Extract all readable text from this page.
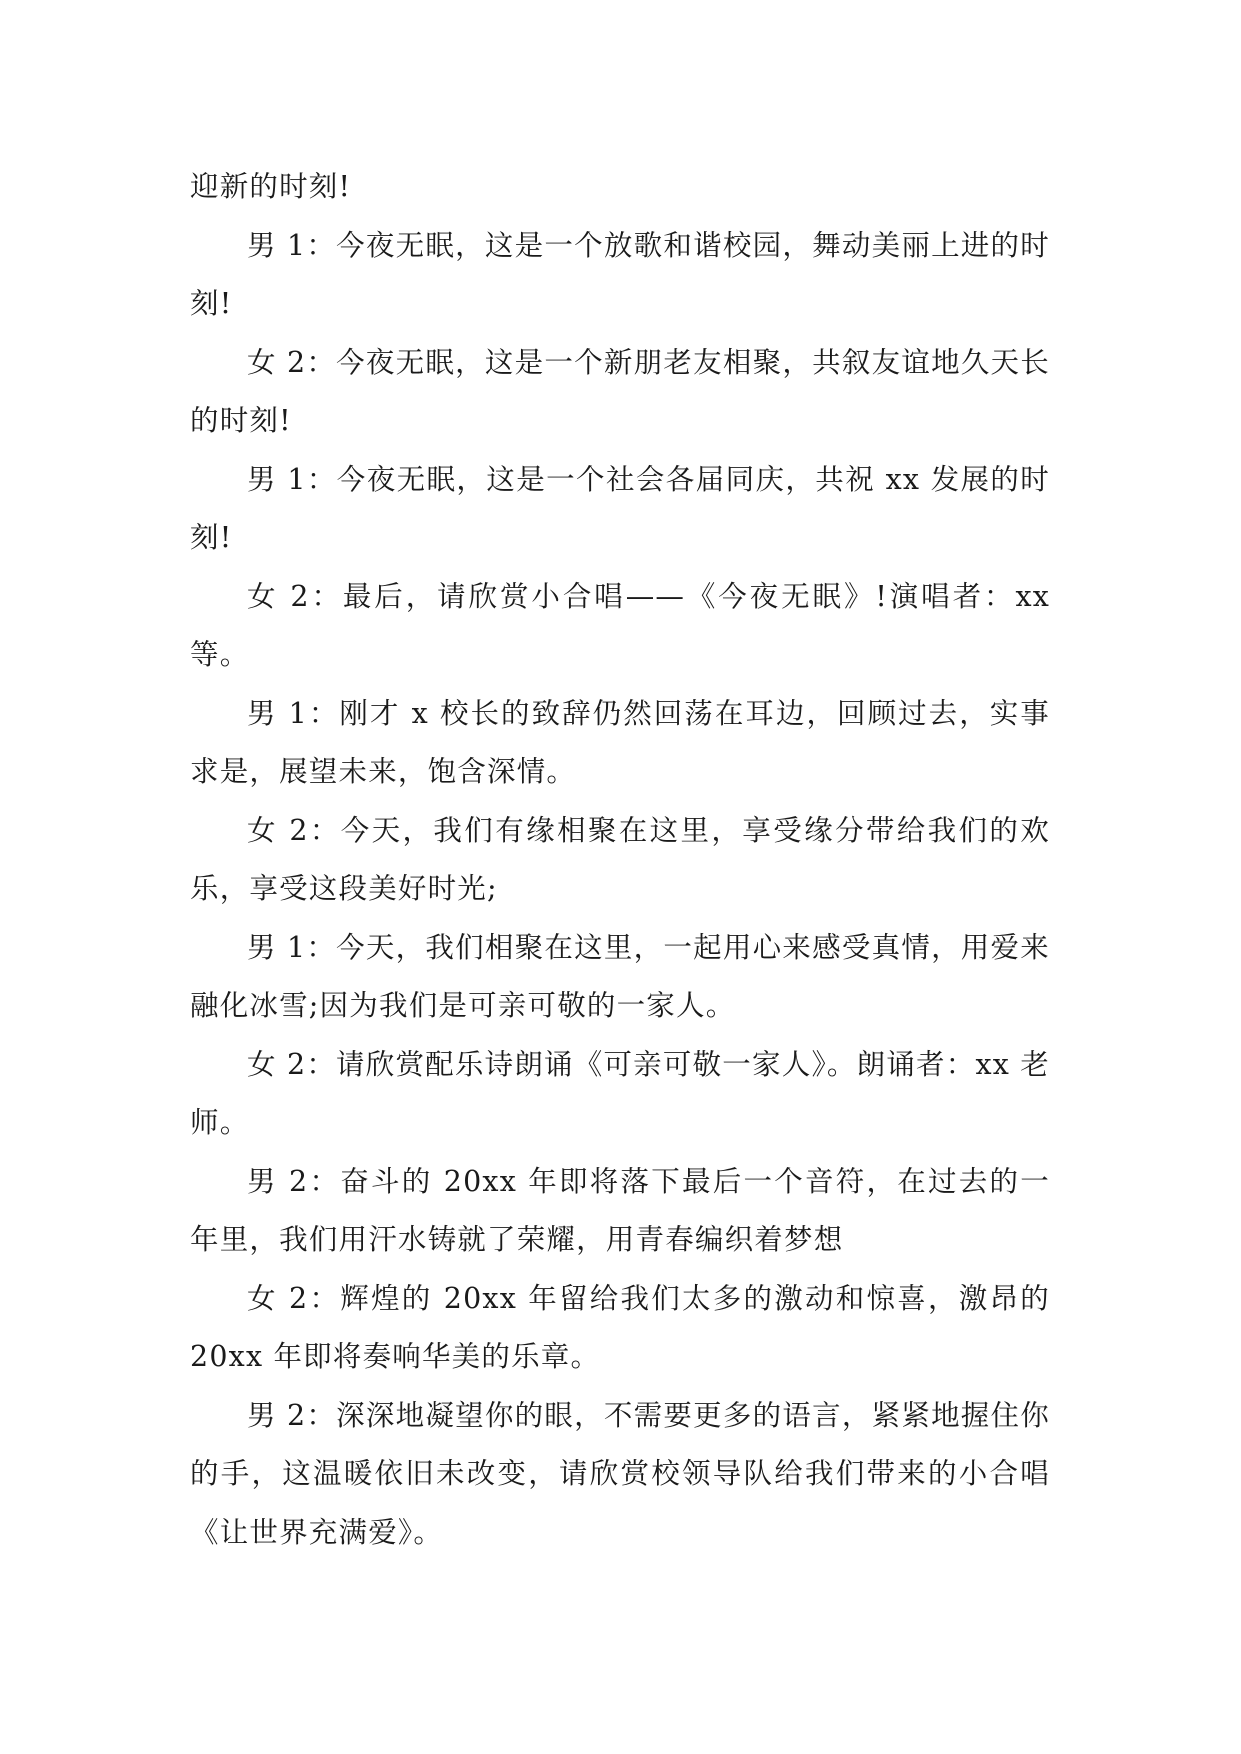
迎新的时刻!

男 1：今夜无眠，这是一个放歌和谐校园，舞动美丽上进的时刻!

女 2：今夜无眠，这是一个新朋老友相聚，共叙友谊地久天长的时刻!

男 1：今夜无眠，这是一个社会各届同庆，共祝 xx 发展的时刻!

女 2：最后，请欣赏小合唱——《今夜无眠》!演唱者：xx 等。

男 1：刚才 x 校长的致辞仍然回荡在耳边，回顾过去，实事求是，展望未来，饱含深情。

女 2：今天，我们有缘相聚在这里，享受缘分带给我们的欢乐，享受这段美好时光;

男 1：今天，我们相聚在这里，一起用心来感受真情，用爱来融化冰雪;因为我们是可亲可敬的一家人。

女 2：请欣赏配乐诗朗诵《可亲可敬一家人》。朗诵者：xx 老师。

男 2：奋斗的 20xx 年即将落下最后一个音符，在过去的一年里，我们用汗水铸就了荣耀，用青春编织着梦想

女 2：辉煌的 20xx 年留给我们太多的激动和惊喜，激昂的 20xx 年即将奏响华美的乐章。

男 2：深深地凝望你的眼，不需要更多的语言，紧紧地握住你的手，这温暖依旧未改变，请欣赏校领导队给我们带来的小合唱《让世界充满爱》。
